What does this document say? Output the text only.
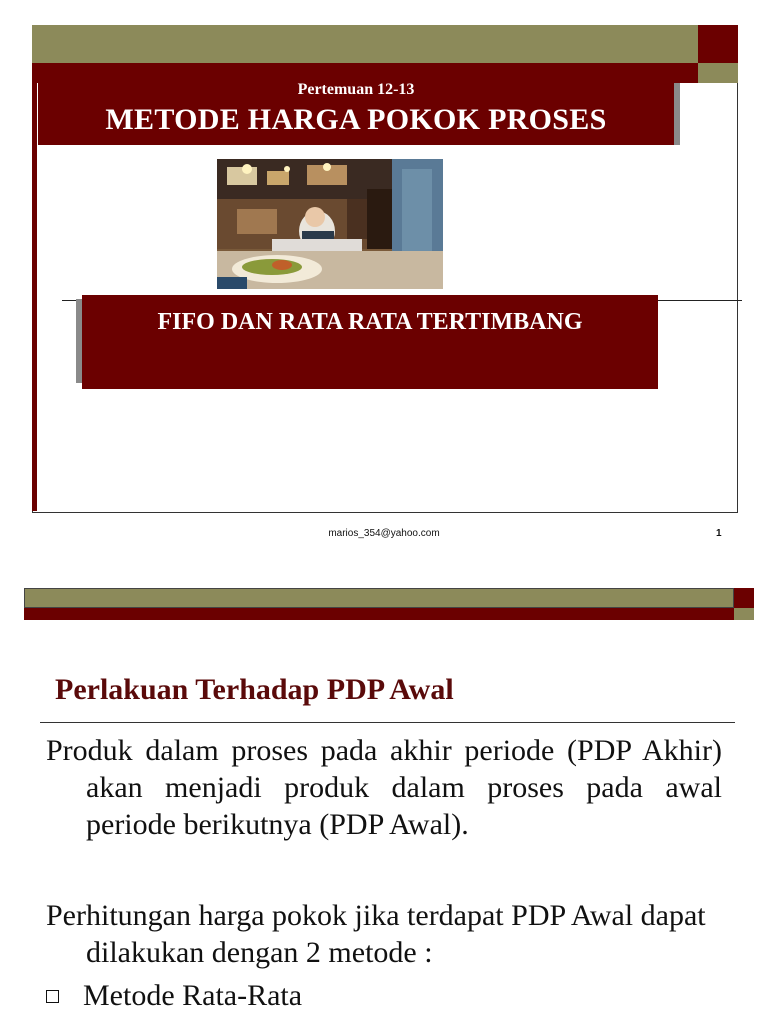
Pertemuan 12-13
METODE HARGA POKOK PROSES
FIFO DAN RATA RATA TERTIMBANG
marios_354@yahoo.com	1
Perlakuan Terhadap PDP Awal
Produk dalam proses pada akhir periode (PDP Akhir) akan menjadi produk dalam proses pada awal periode berikutnya (PDP Awal).
Perhitungan harga pokok jika terdapat PDP Awal dapat dilakukan dengan 2 metode :
Metode Rata-Rata
